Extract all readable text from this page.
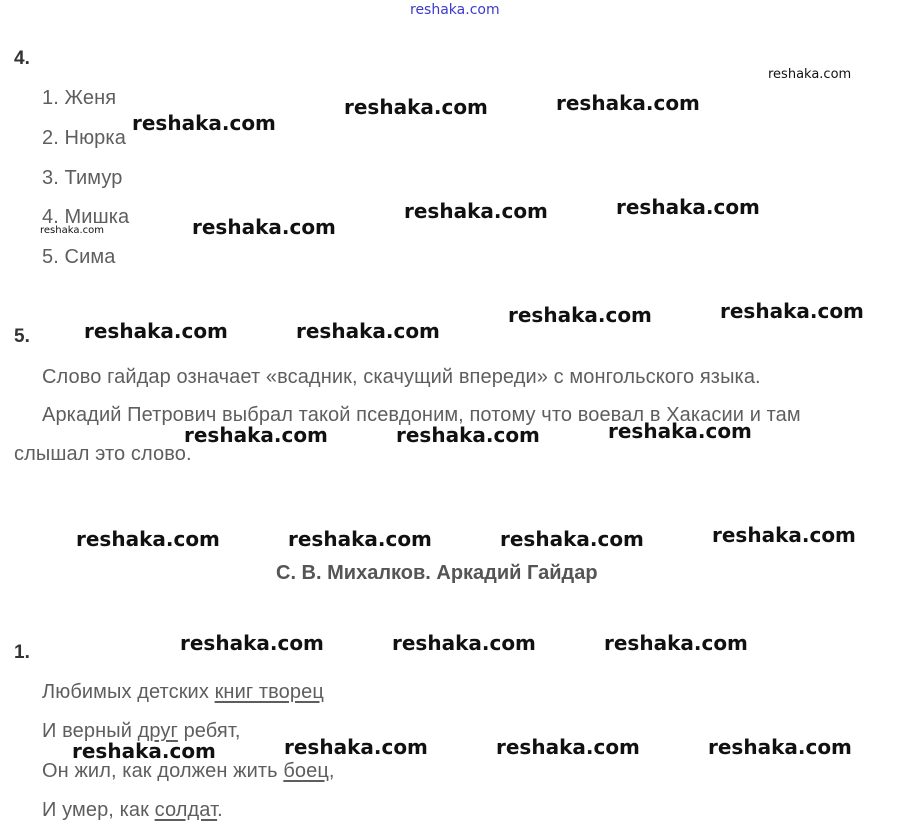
reshaka.com
4.
1. Женя
2. Нюрка
3. Тимур
4. Мишка
5. Сима
5.
Слово гайдар означает «всадник, скачущий впереди» с монгольского языка.
Аркадий Петрович выбрал такой псевдоним, потому что воевал в Хакасии и там
слышал это слово.
С. В. Михалков. Аркадий Гайдар
1.
Любимых детских книг творец
И верный друг ребят,
Он жил, как должен жить боец,
И умер, как солдат.
reshaka.com
reshaka.com	reshaka.com
reshaka.com
reshaka.com	reshaka.com
reshaka.com
reshaka.com
reshaka.com	reshaka.com
reshaka.com	reshaka.com
reshaka.com
reshaka.com	reshaka.com
reshaka.com
reshaka.com	reshaka.com	reshaka.com
reshaka.com	reshaka.com	reshaka.com
reshaka.com	reshaka.com	reshaka.com
reshaka.com
